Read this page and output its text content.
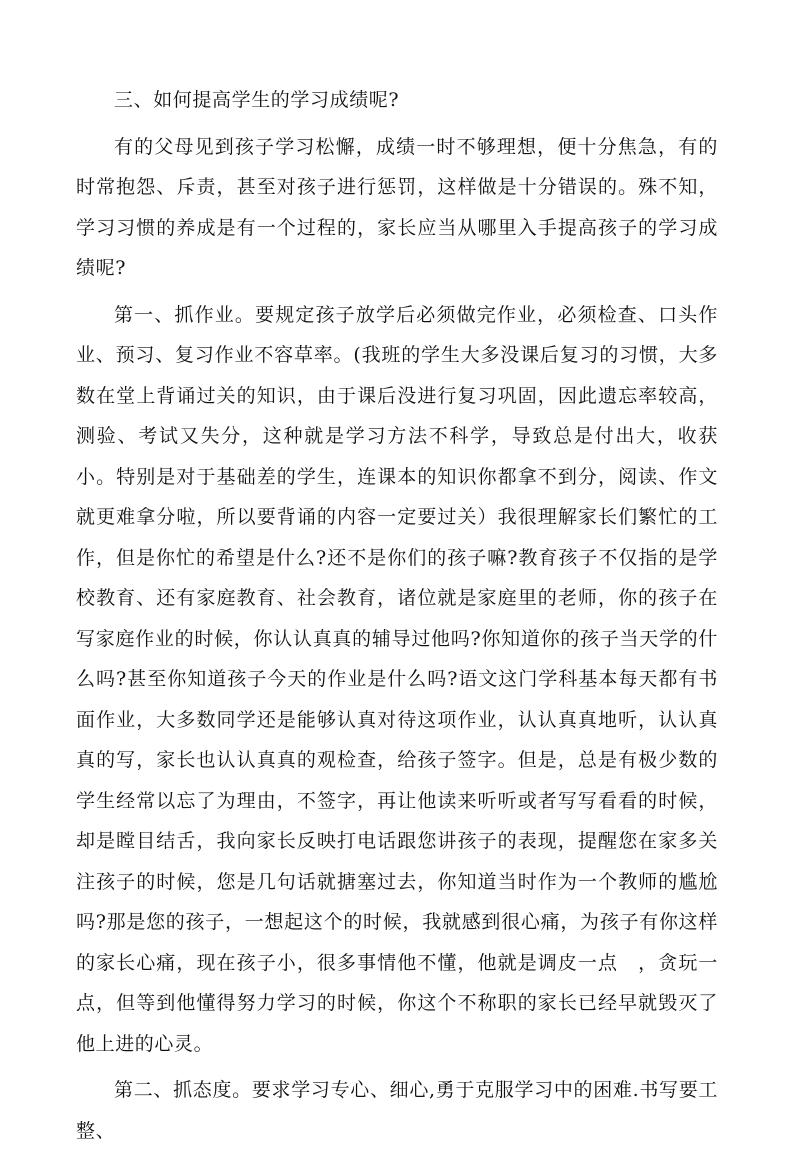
三、如何提高学生的学习成绩呢?

有的父母见到孩子学习松懈，成绩一时不够理想，便十分焦急，有的时常抱怨、斥责，甚至对孩子进行惩罚，这样做是十分错误的。殊不知，学习习惯的养成是有一个过程的，家长应当从哪里入手提高孩子的学习成绩呢?

第一、抓作业。要规定孩子放学后必须做完作业，必须检查、口头作业、预习、复习作业不容草率。(我班的学生大多没课后复习的习惯，大多数在堂上背诵过关的知识，由于课后没进行复习巩固，因此遗忘率较高，测验、考试又失分，这种就是学习方法不科学，导致总是付出大，收获小。特别是对于基础差的学生，连课本的知识你都拿不到分，阅读、作文就更难拿分啦，所以要背诵的内容一定要过关）我很理解家长们繁忙的工作，但是你忙的希望是什么?还不是你们的孩子嘛?教育孩子不仅指的是学校教育、还有家庭教育、社会教育，诸位就是家庭里的老师，你的孩子在写家庭作业的时候，你认认真真的辅导过他吗?你知道你的孩子当天学的什么吗?甚至你知道孩子今天的作业是什么吗?语文这门学科基本每天都有书面作业，大多数同学还是能够认真对待这项作业，认认真真地听，认认真真的写，家长也认认真真的观检查，给孩子签字。但是，总是有极少数的学生经常以忘了为理由，不签字，再让他读来听听或者写写看看的时候，却是瞠目结舌，我向家长反映打电话跟您讲孩子的表现，提醒您在家多关注孩子的时候，您是几句话就搪塞过去，你知道当时作为一个教师的尴尬吗?那是您的孩子，一想起这个的时候，我就感到很心痛，为孩子有你这样的家长心痛，现在孩子小，很多事情他不懂，他就是调皮一点　，贪玩一点，但等到他懂得努力学习的时候，你这个不称职的家长已经早就毁灭了他上进的心灵。

第二、抓态度。要求学习专心、细心,勇于克服学习中的困难.书写要工整、
